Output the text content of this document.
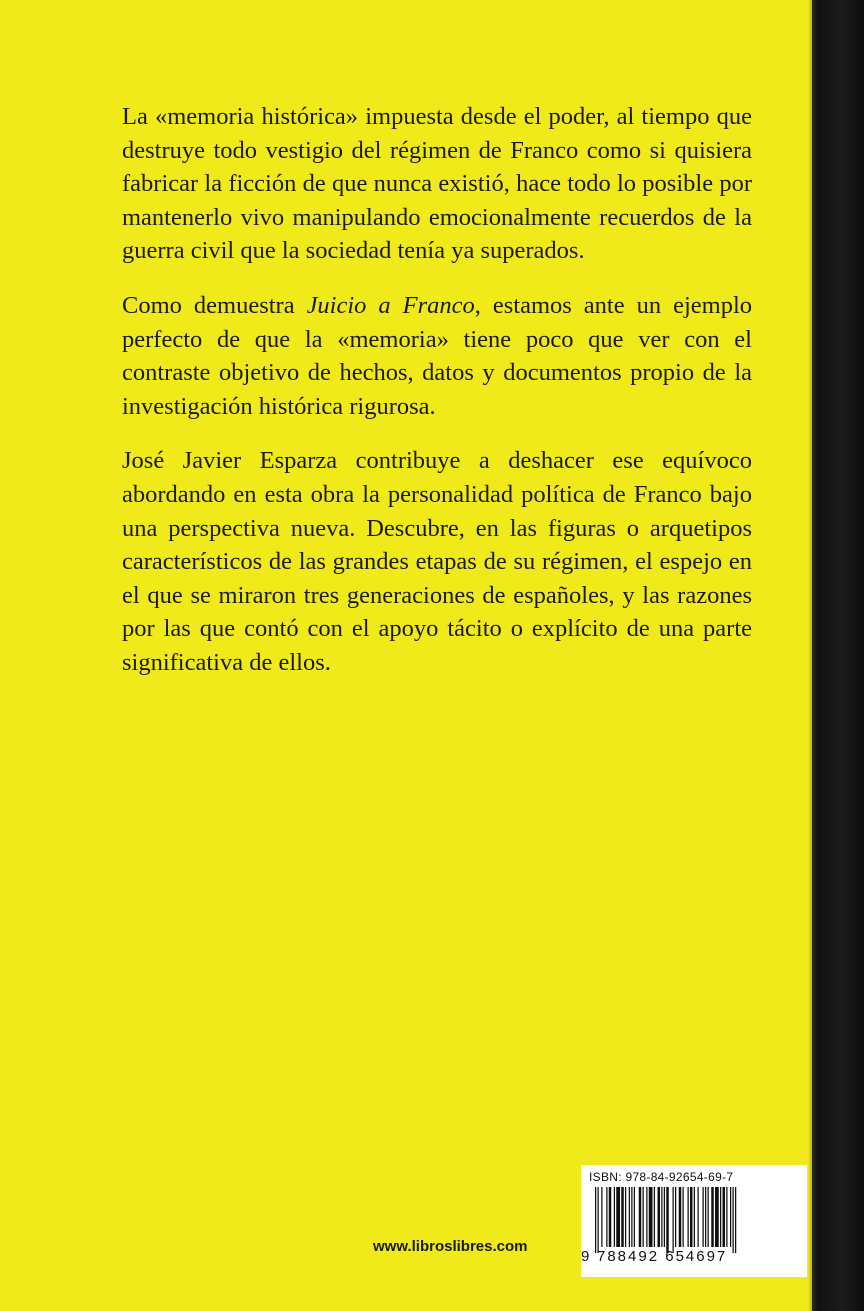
La «memoria histórica» impuesta desde el poder, al tiempo que destruye todo vestigio del régimen de Franco como si quisiera fabricar la ficción de que nunca existió, hace todo lo posible por mantenerlo vivo manipulando emocionalmente recuerdos de la guerra civil que la sociedad tenía ya superados.

Como demuestra Juicio a Franco, estamos ante un ejemplo perfecto de que la «memoria» tiene poco que ver con el contraste objetivo de hechos, datos y documentos propio de la investigación histórica rigurosa.

José Javier Esparza contribuye a deshacer ese equívoco abordando en esta obra la personalidad política de Franco bajo una perspectiva nueva. Descubre, en las figuras o arquetipos característicos de las grandes etapas de su régimen, el espejo en el que se miraron tres generaciones de españoles, y las razones por las que contó con el apoyo tácito o explícito de una parte significativa de ellos.

www.libroslibres.com
ISBN: 978-84-92654-69-7
9 788492 654697
